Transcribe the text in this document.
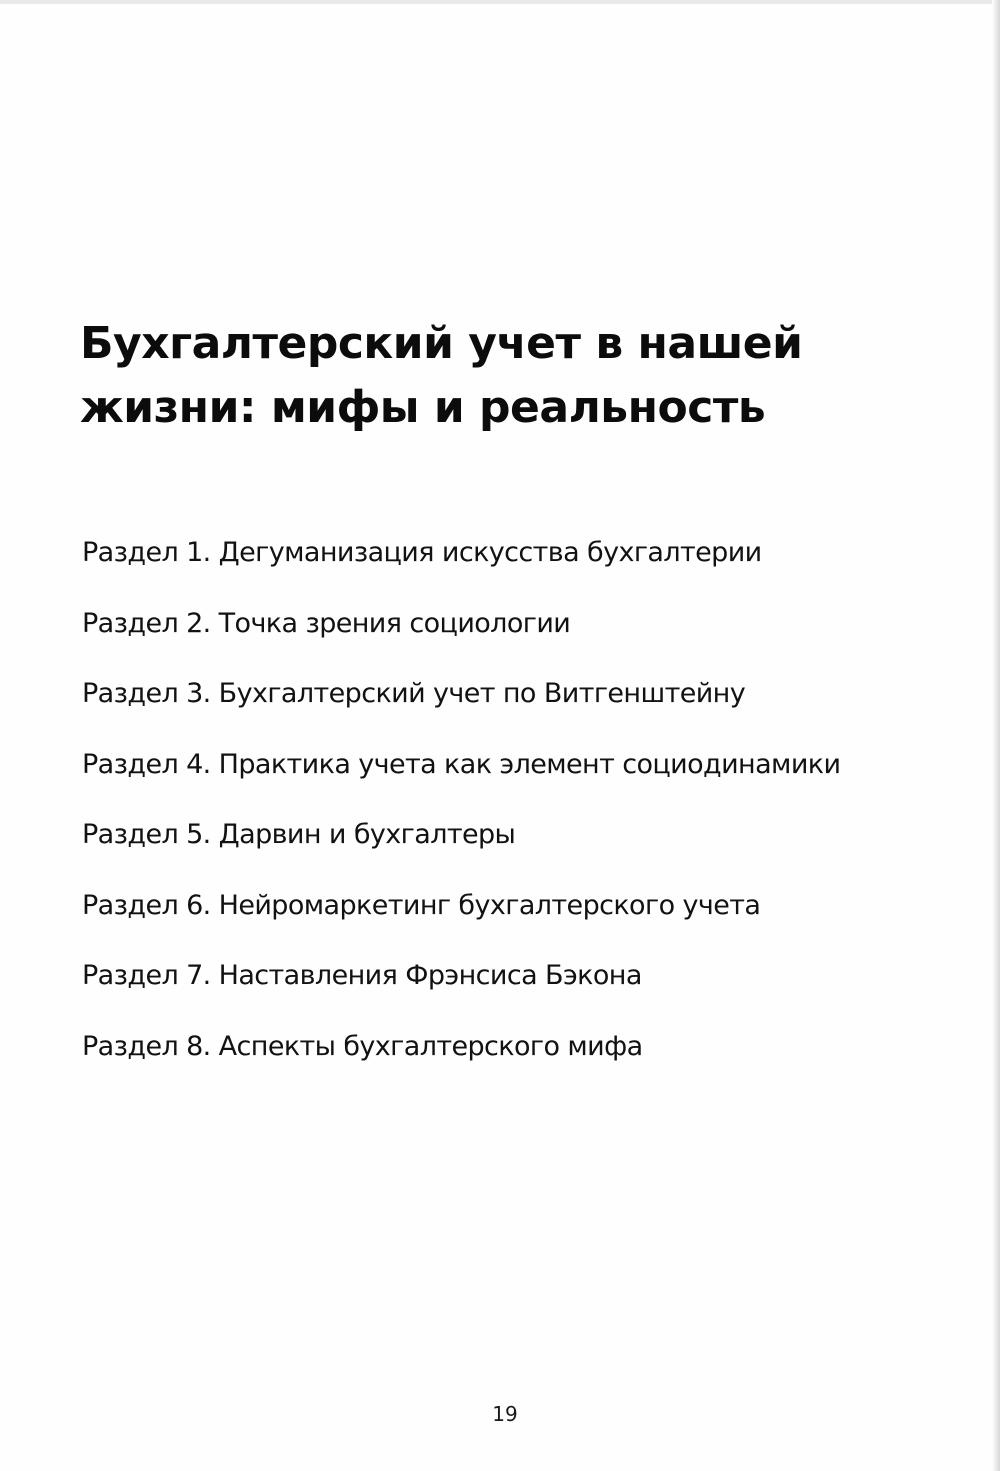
Бухгалтерский учет в нашей
жизни: мифы и реальность
Раздел 1. Дегуманизация искусства бухгалтерии
Раздел 2. Точка зрения социологии
Раздел 3. Бухгалтерский учет по Витгенштейну
Раздел 4. Практика учета как элемент социодинамики
Раздел 5. Дарвин и бухгалтеры
Раздел 6. Нейромаркетинг бухгалтерского учета
Раздел 7. Наставления Фрэнсиса Бэкона
Раздел 8. Аспекты бухгалтерского мифа
19
